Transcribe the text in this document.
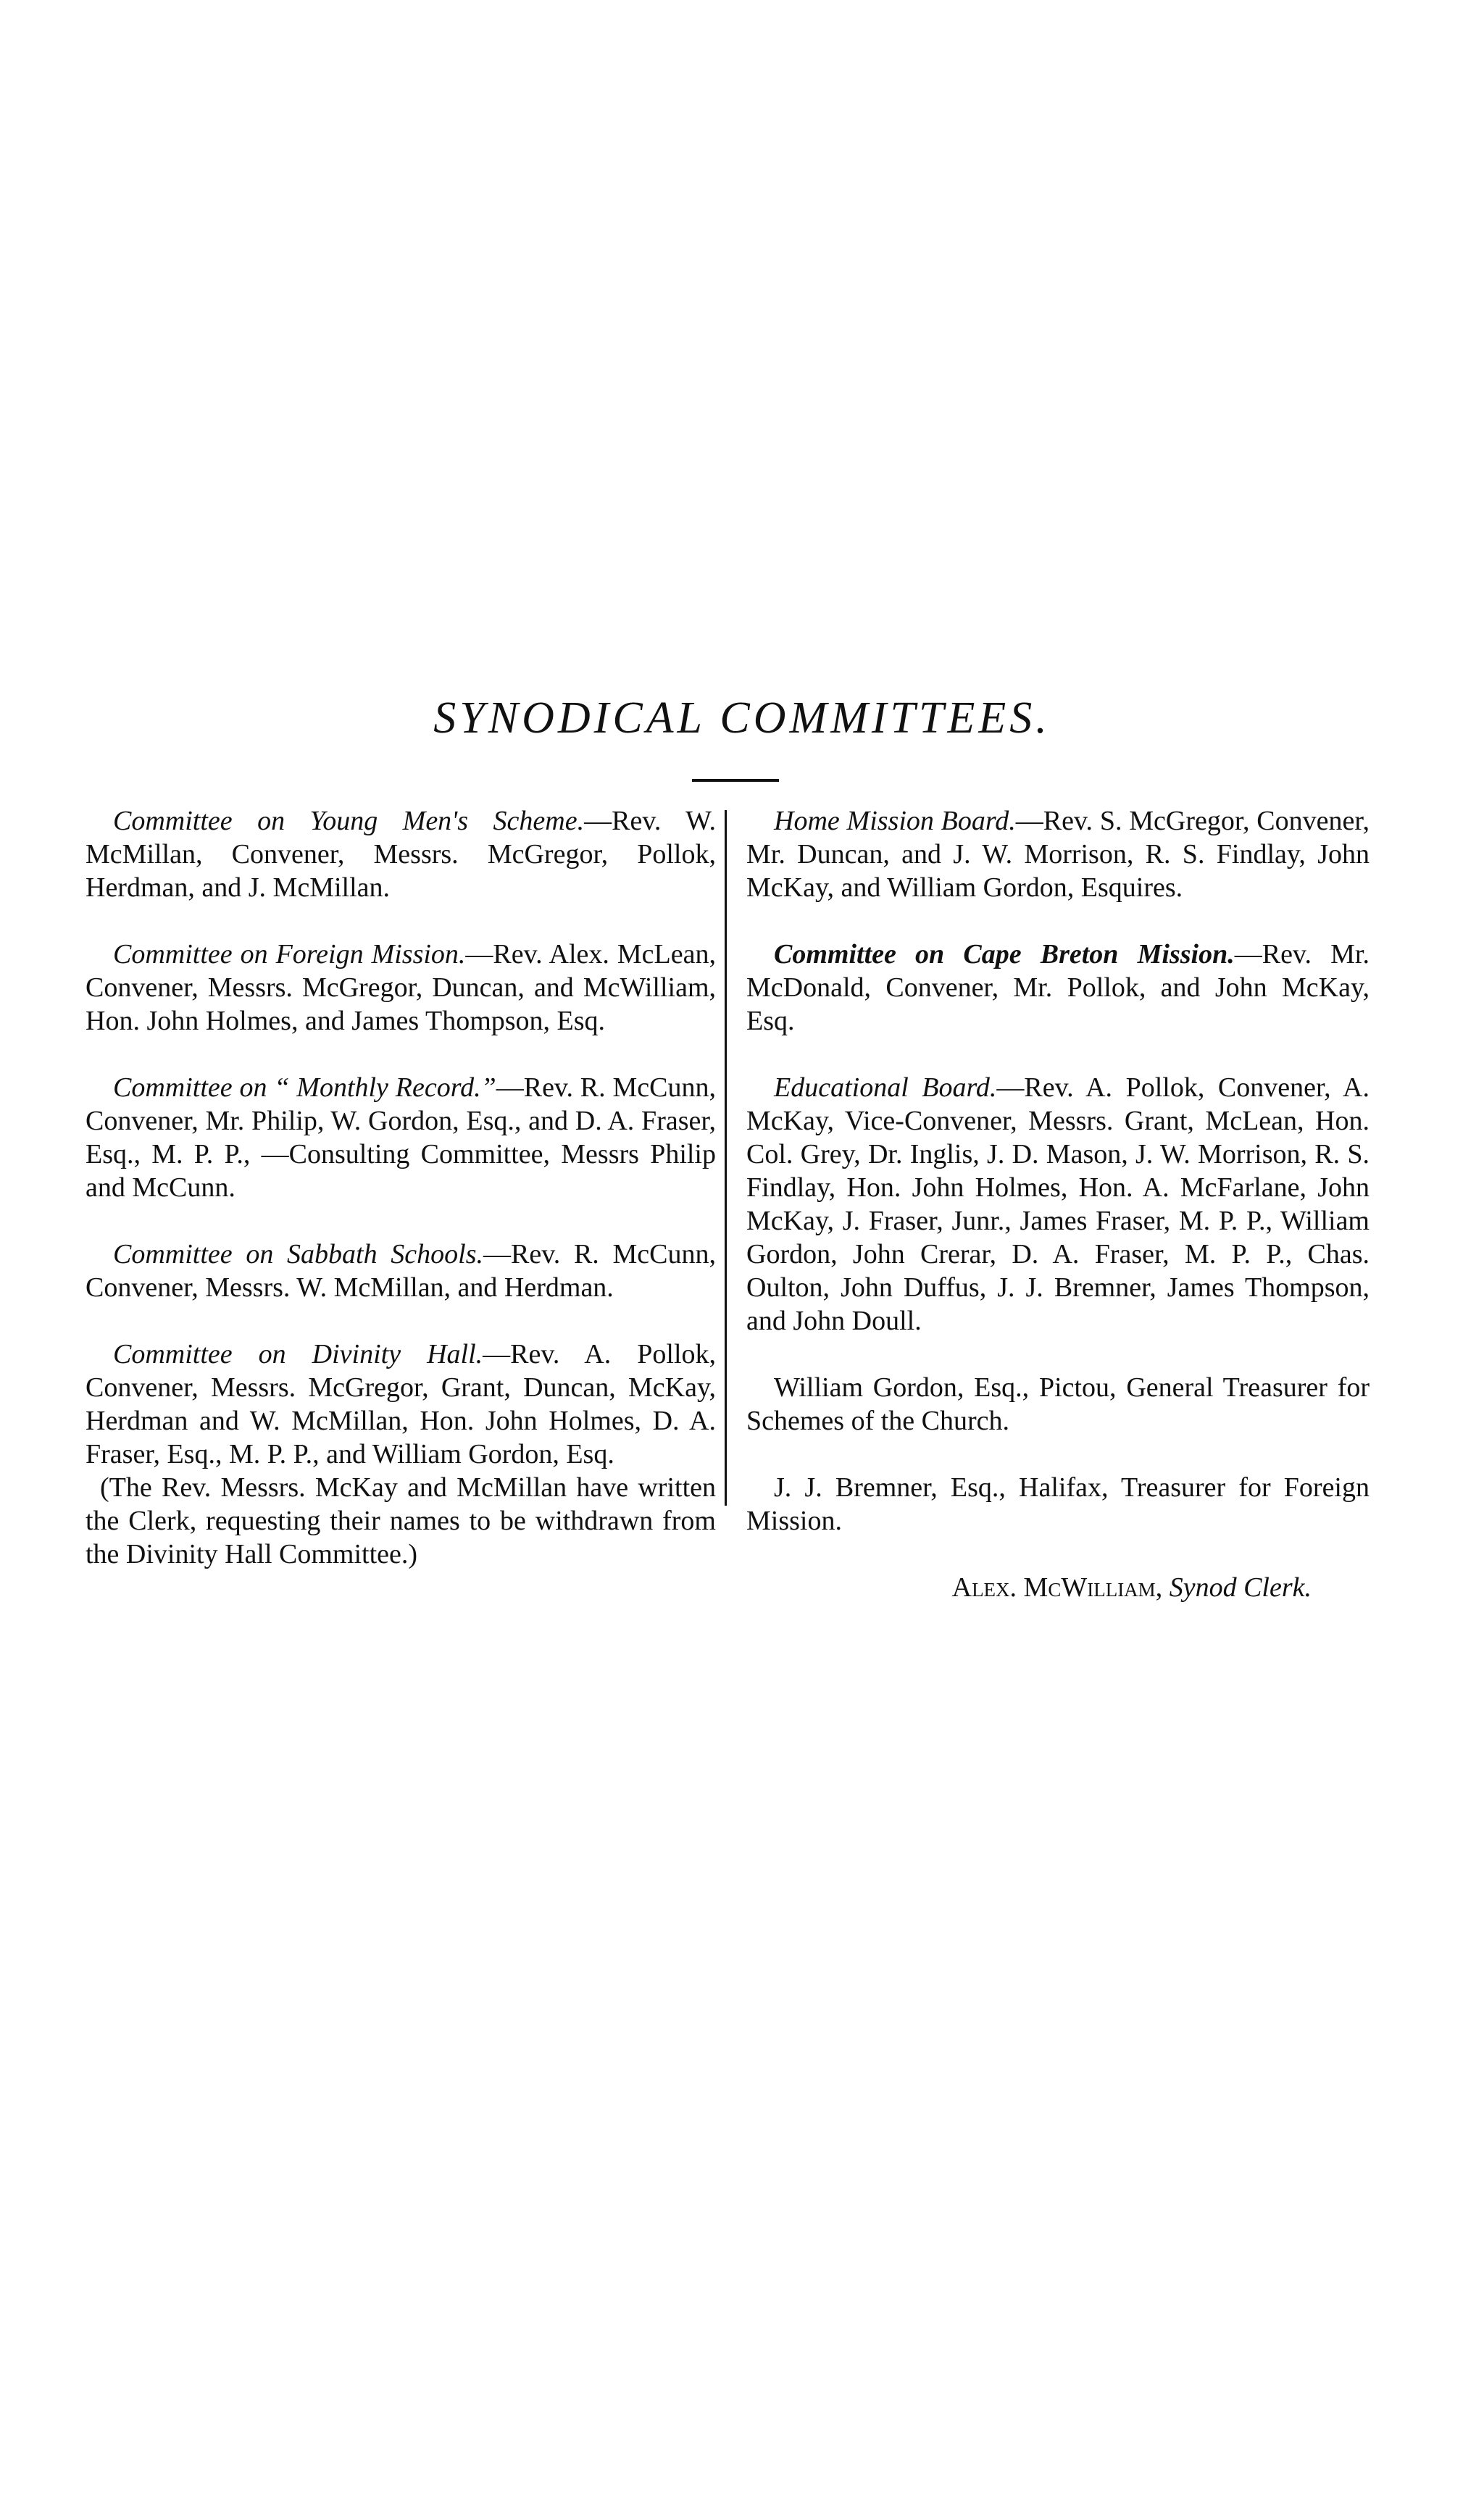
SYNODICAL COMMITTEES.

Committee on Young Men's Scheme.—Rev. W. McMillan, Convener, Messrs. McGregor, Pollok, Herdman, and J. McMillan.

Committee on Foreign Mission.—Rev. Alex. McLean, Convener, Messrs. McGregor, Duncan, and McWilliam, Hon. John Holmes, and James Thompson, Esq.

Committee on “ Monthly Record.”—Rev. R. McCunn, Convener, Mr. Philip, W. Gordon, Esq., and D. A. Fraser, Esq., M. P. P., —Consulting Committee, Messrs Philip and McCunn.

Committee on Sabbath Schools.—Rev. R. McCunn, Convener, Messrs. W. McMillan, and Herdman.

Committee on Divinity Hall.—Rev. A. Pollok, Convener, Messrs. McGregor, Grant, Duncan, McKay, Herdman and W. McMillan, Hon. John Holmes, D. A. Fraser, Esq., M. P. P., and William Gordon, Esq.

(The Rev. Messrs. McKay and McMillan have written the Clerk, requesting their names to be withdrawn from the Divinity Hall Committee.)

Home Mission Board.—Rev. S. McGregor, Convener, Mr. Duncan, and J. W. Morrison, R. S. Findlay, John McKay, and William Gordon, Esquires.

Committee on Cape Breton Mission.—Rev. Mr. McDonald, Convener, Mr. Pollok, and John McKay, Esq.

Educational Board.—Rev. A. Pollok, Convener, A. McKay, Vice-Convener, Messrs. Grant, McLean, Hon. Col. Grey, Dr. Inglis, J. D. Mason, J. W. Morrison, R. S. Findlay, Hon. John Holmes, Hon. A. McFarlane, John McKay, J. Fraser, Junr., James Fraser, M. P. P., William Gordon, John Crerar, D. A. Fraser, M. P. P., Chas. Oulton, John Duffus, J. J. Bremner, James Thompson, and John Doull.

William Gordon, Esq., Pictou, General Treasurer for Schemes of the Church.

J. J. Bremner, Esq., Halifax, Treasurer for Foreign Mission.

Alex. McWilliam, Synod Clerk.
